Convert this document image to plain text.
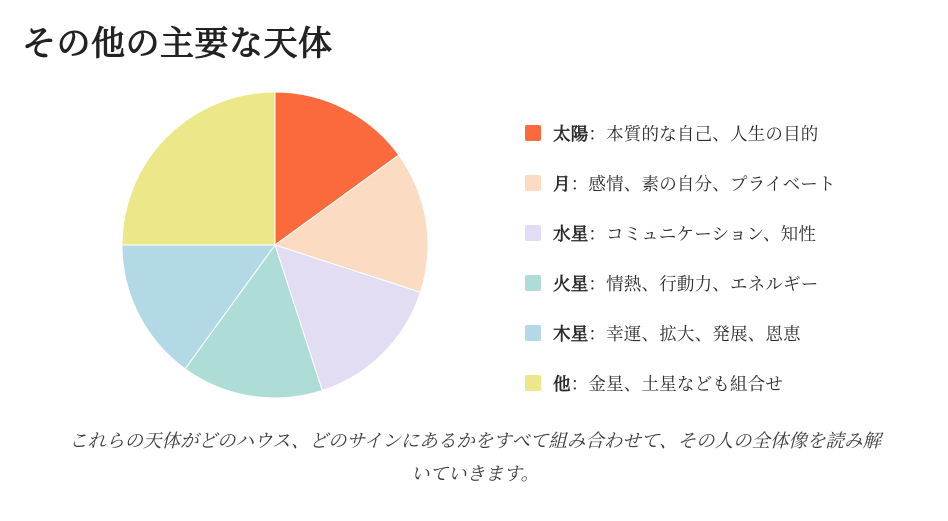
その他の主要な天体
太陽：本質的な自己、人生の目的
月：感情、素の自分、プライベート
水星：コミュニケーション、知性
火星：情熱、行動力、エネルギー
木星：幸運、拡大、発展、恩恵
他：金星、土星なども組合せ
これらの天体がどのハウス、どのサインにあるかをすべて組み合わせて、その人の全体像を読み解いていきます。
